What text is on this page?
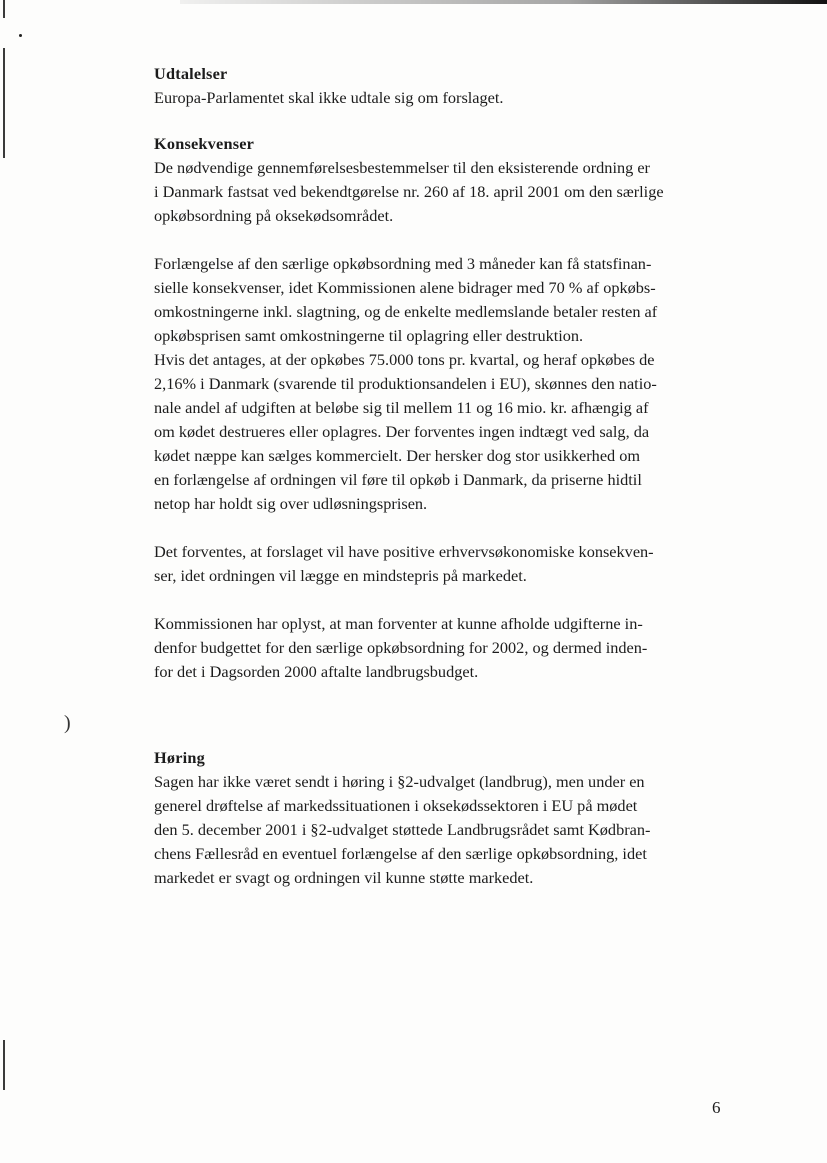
Udtalelser

Europa-Parlamentet skal ikke udtale sig om forslaget.

Konsekvenser

De nødvendige gennemførelsesbestemmelser til den eksisterende ordning er
i Danmark fastsat ved bekendtgørelse nr. 260 af 18. april 2001 om den særlige
opkøbsordning på oksekødsområdet.

Forlængelse af den særlige opkøbsordning med 3 måneder kan få statsfinan-
sielle konsekvenser, idet Kommissionen alene bidrager med 70 % af opkøbs-
omkostningerne inkl. slagtning, og de enkelte medlemslande betaler resten af
opkøbsprisen samt omkostningerne til oplagring eller destruktion.
Hvis det antages, at der opkøbes 75.000 tons pr. kvartal, og heraf opkøbes de
2,16% i Danmark (svarende til produktionsandelen i EU), skønnes den natio-
nale andel af udgiften at beløbe sig til mellem 11 og 16 mio. kr. afhængig af
om kødet destrueres eller oplagres. Der forventes ingen indtægt ved salg, da
kødet næppe kan sælges kommercielt. Der hersker dog stor usikkerhed om
en forlængelse af ordningen vil føre til opkøb i Danmark, da priserne hidtil
netop har holdt sig over udløsningsprisen.

Det forventes, at forslaget vil have positive erhvervsøkonomiske konsekven-
ser, idet ordningen vil lægge en mindstepris på markedet.

Kommissionen har oplyst, at man forventer at kunne afholde udgifterne in-
denfor budgettet for den særlige opkøbsordning for 2002, og dermed inden-
for det i Dagsorden 2000 aftalte landbrugsbudget.

Høring

Sagen har ikke været sendt i høring i §2-udvalget (landbrug), men under en
generel drøftelse af markedssituationen i oksekødssektoren i EU på mødet
den 5. december 2001 i §2-udvalget støttede Landbrugsrådet samt Kødbran-
chens Fællesråd en eventuel forlængelse af den særlige opkøbsordning, idet
markedet er svagt og ordningen vil kunne støtte markedet.

)
6
